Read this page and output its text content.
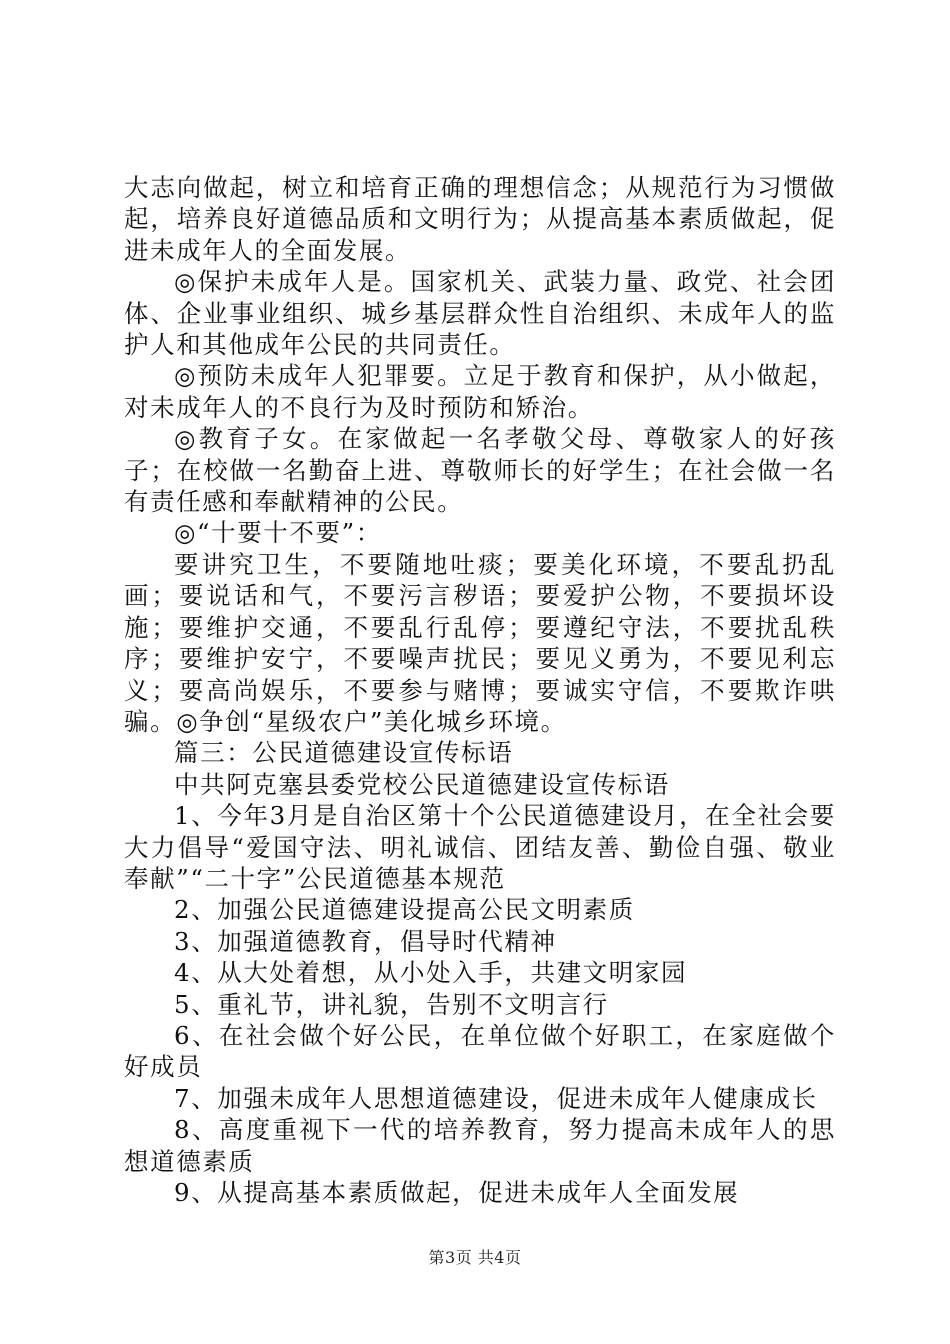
大志向做起，树立和培育正确的理想信念；从规范行为习惯做起，培养良好道德品质和文明行为；从提高基本素质做起，促进未成年人的全面发展。

◎保护未成年人是。国家机关、武装力量、政党、社会团体、企业事业组织、城乡基层群众性自治组织、未成年人的监护人和其他成年公民的共同责任。

◎预防未成年人犯罪要。立足于教育和保护，从小做起，对未成年人的不良行为及时预防和矫治。

◎教育子女。在家做起一名孝敬父母、尊敬家人的好孩子；在校做一名勤奋上进、尊敬师长的好学生；在社会做一名有责任感和奉献精神的公民。

◎“十要十不要”：

要讲究卫生，不要随地吐痰；要美化环境，不要乱扔乱画；要说话和气，不要污言秽语；要爱护公物，不要损坏设施；要维护交通，不要乱行乱停；要遵纪守法，不要扰乱秩序；要维护安宁，不要噪声扰民；要见义勇为，不要见利忘义；要高尚娱乐，不要参与赌博；要诚实守信，不要欺诈哄骗。◎争创“星级农户”美化城乡环境。

篇三：公民道德建设宣传标语

中共阿克塞县委党校公民道德建设宣传标语

1、今年3月是自治区第十个公民道德建设月，在全社会要大力倡导“爱国守法、明礼诚信、团结友善、勤俭自强、敬业奉献”“二十字”公民道德基本规范

2、加强公民道德建设提高公民文明素质

3、加强道德教育，倡导时代精神

4、从大处着想，从小处入手，共建文明家园

5、重礼节，讲礼貌，告别不文明言行

6、在社会做个好公民，在单位做个好职工，在家庭做个好成员

7、加强未成年人思想道德建设，促进未成年人健康成长

8、高度重视下一代的培养教育，努力提高未成年人的思想道德素质

9、从提高基本素质做起，促进未成年人全面发展

第3页 共4页
